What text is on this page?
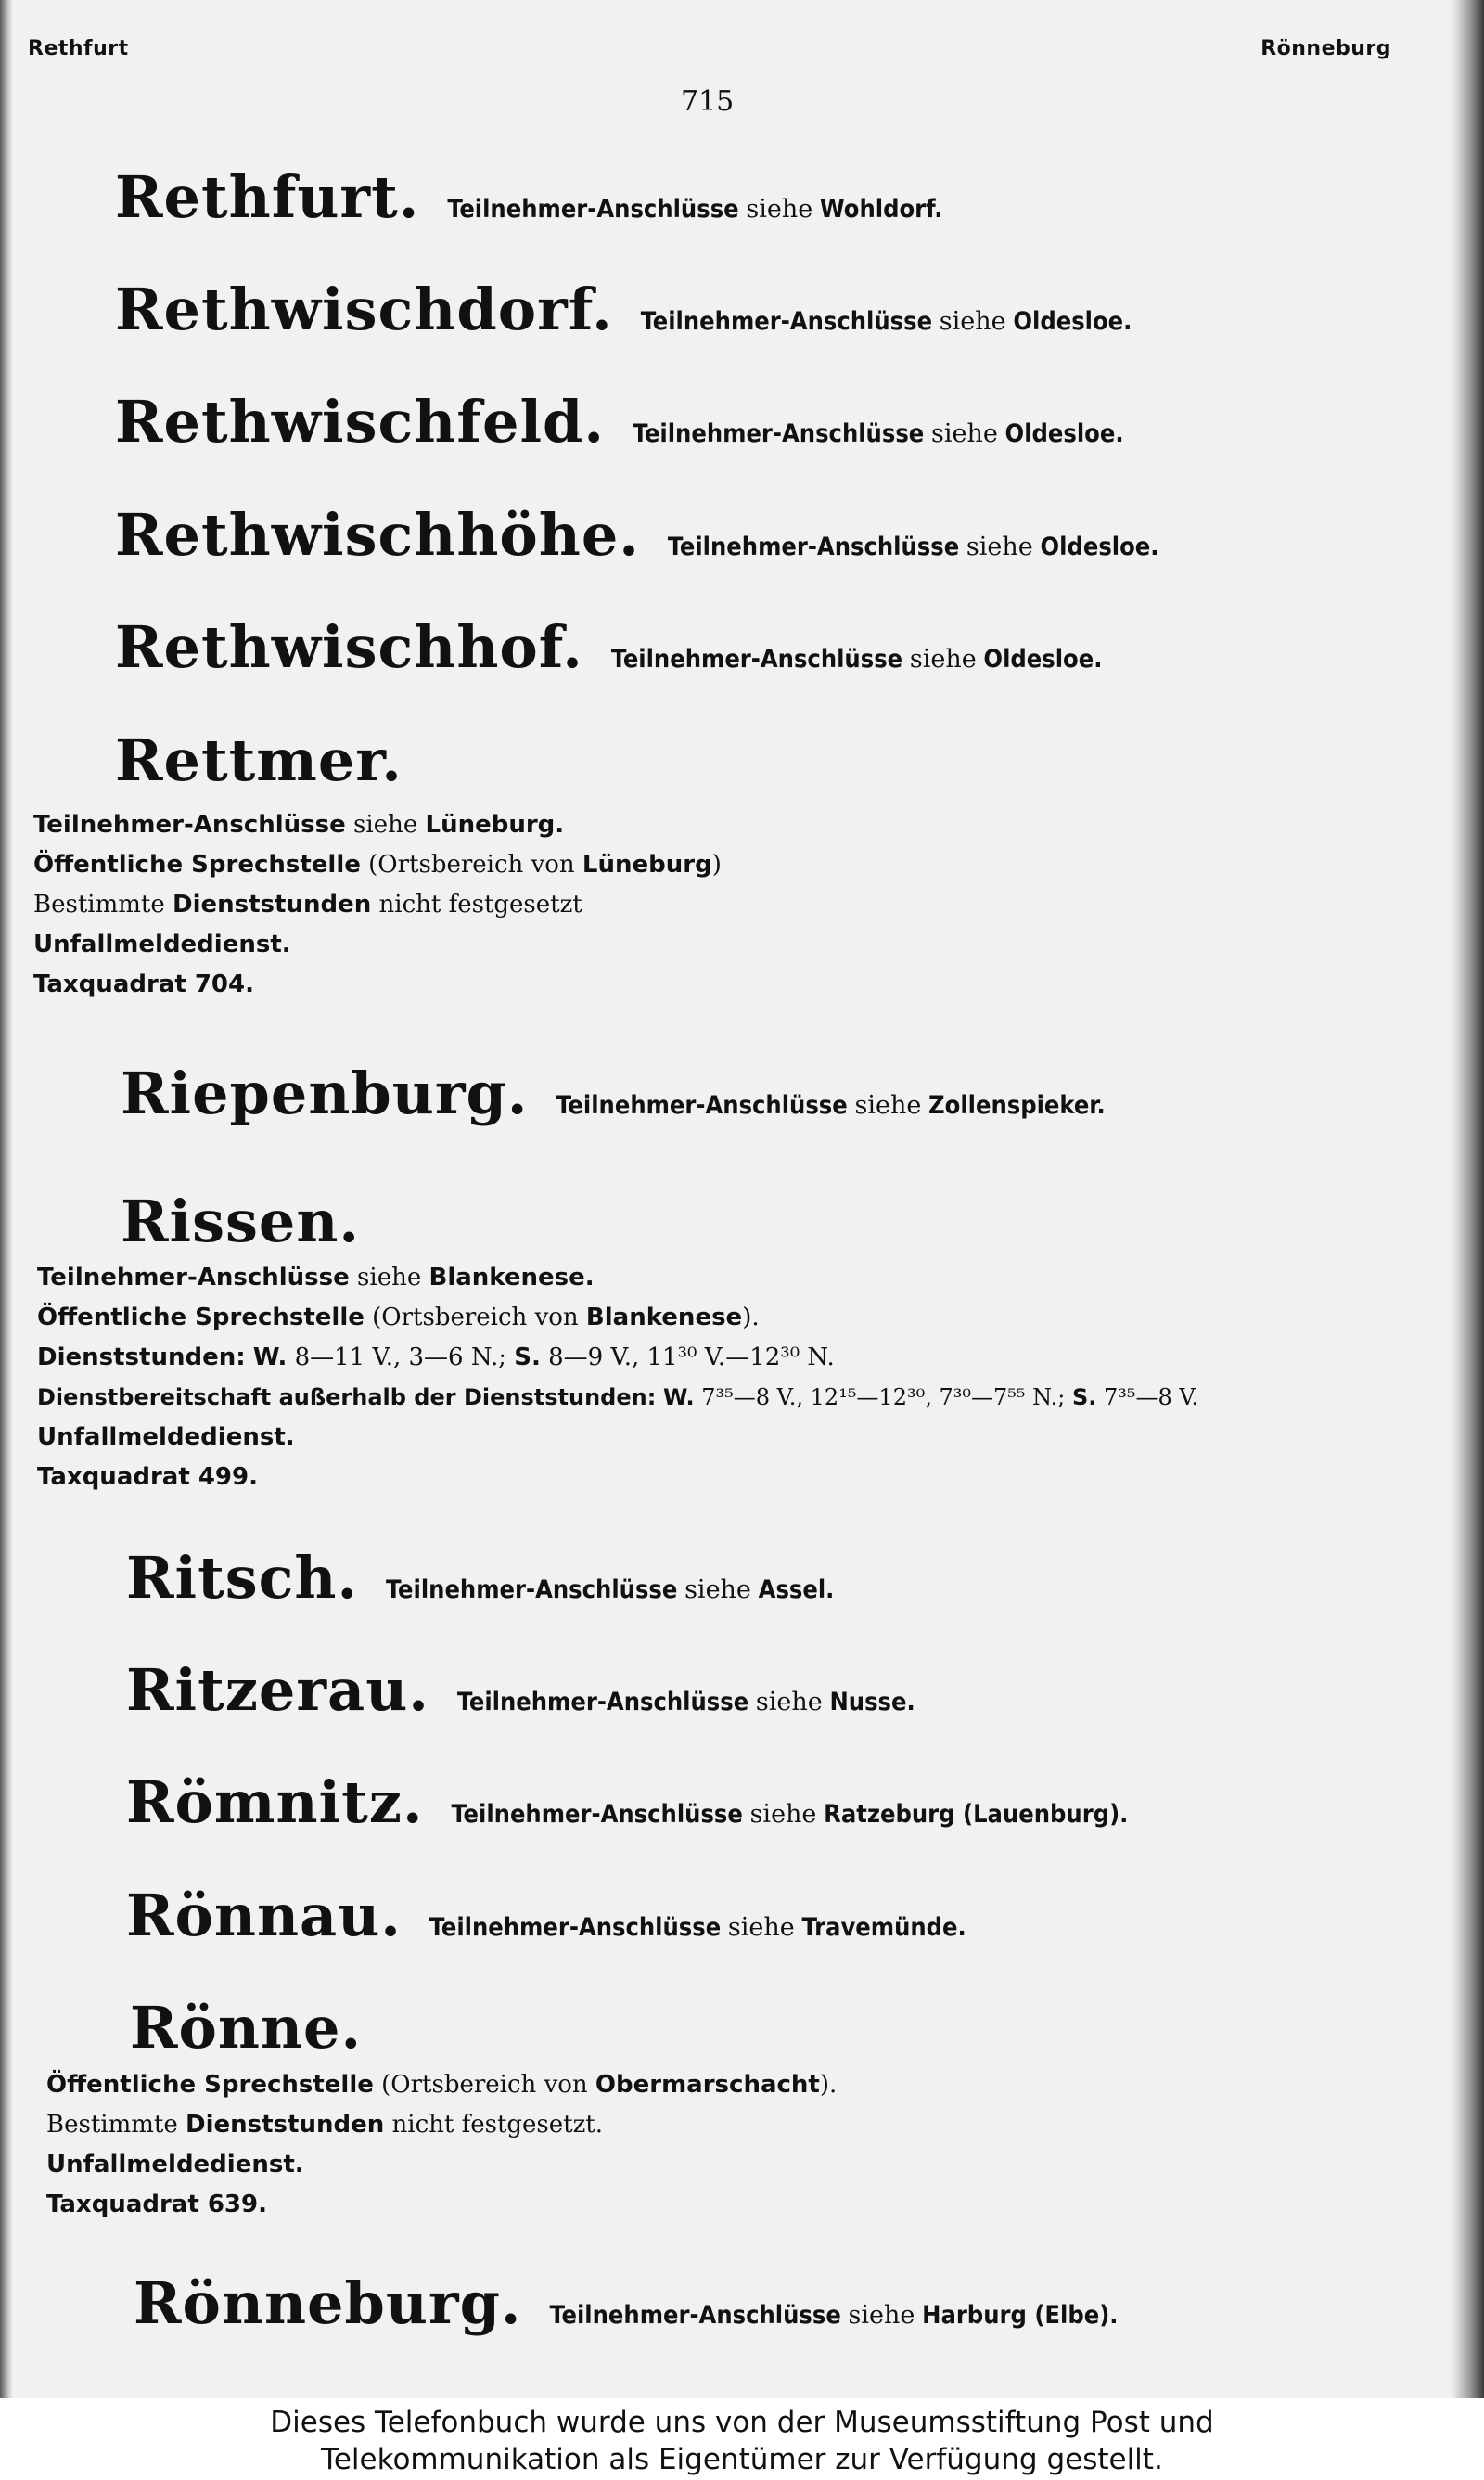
Rethfurt	Rönneburg
715
Rethfurt. Teilnehmer-Anschlüsse siehe Wohldorf.
Rethwischdorf. Teilnehmer-Anschlüsse siehe Oldesloe.
Rethwischfeld. Teilnehmer-Anschlüsse siehe Oldesloe.
Rethwischhöhe. Teilnehmer-Anschlüsse siehe Oldesloe.
Rethwischhof. Teilnehmer-Anschlüsse siehe Oldesloe.
Rettmer.
Teilnehmer-Anschlüsse siehe Lüneburg.
Öffentliche Sprechstelle (Ortsbereich von Lüneburg)
Bestimmte Dienststunden nicht festgesetzt
Unfallmeldedienst.
Taxquadrat 704.
Riepenburg. Teilnehmer-Anschlüsse siehe Zollenspieker.
Rissen.
Teilnehmer-Anschlüsse siehe Blankenese.
Öffentliche Sprechstelle (Ortsbereich von Blankenese).
Dienststunden: W. 8—11 V., 3—6 N.; S. 8—9 V., 11³⁰ V.—12³⁰ N.
Dienstbereitschaft außerhalb der Dienststunden: W. 7³⁵—8 V., 12¹⁵—12³⁰, 7³⁰—7⁵⁵ N.; S. 7³⁵—8 V.
Unfallmeldedienst.
Taxquadrat 499.
Ritsch. Teilnehmer-Anschlüsse siehe Assel.
Ritzerau. Teilnehmer-Anschlüsse siehe Nusse.
Römnitz. Teilnehmer-Anschlüsse siehe Ratzeburg (Lauenburg).
Rönnau. Teilnehmer-Anschlüsse siehe Travemünde.
Rönne.
Öffentliche Sprechstelle (Ortsbereich von Obermarschacht).
Bestimmte Dienststunden nicht festgesetzt.
Unfallmeldedienst.
Taxquadrat 639.
Rönneburg. Teilnehmer-Anschlüsse siehe Harburg (Elbe).
Dieses Telefonbuch wurde uns von der Museumsstiftung Post und
Telekommunikation als Eigentümer zur Verfügung gestellt.
